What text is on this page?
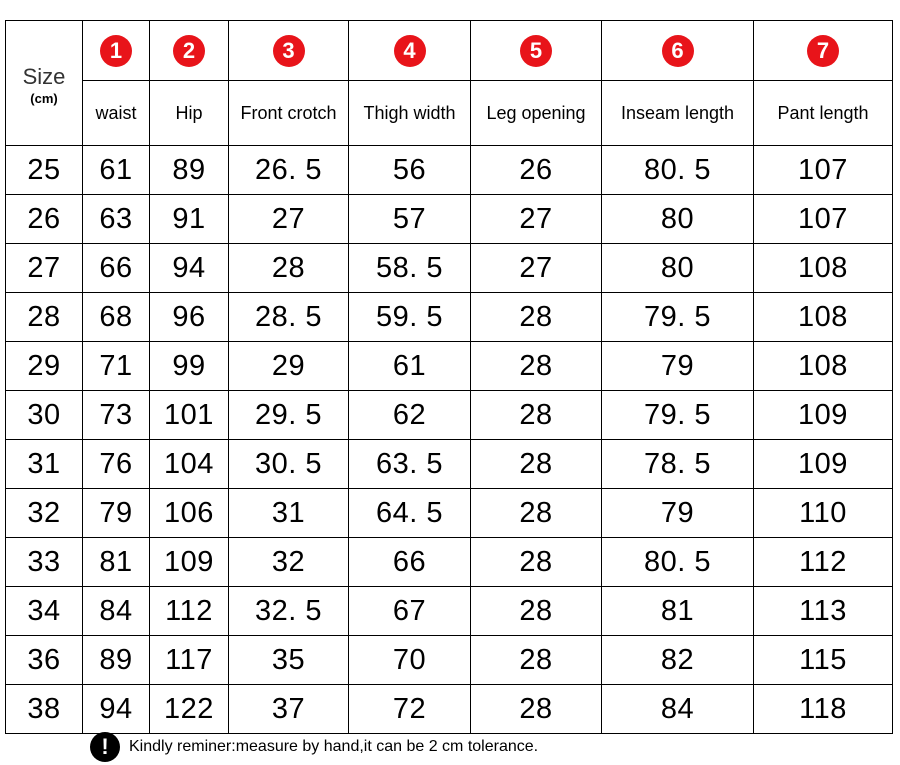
Size
(cm)	1	2	3	4	5	6	7
	waist	Hip	Front crotch	Thigh width	Leg opening	Inseam length	Pant length
25	61	89	26. 5	56	26	80. 5	107
26	63	91	27	57	27	80	107
27	66	94	28	58. 5	27	80	108
28	68	96	28. 5	59. 5	28	79. 5	108
29	71	99	29	61	28	79	108
30	73	101	29. 5	62	28	79. 5	109
31	76	104	30. 5	63. 5	28	78. 5	109
32	79	106	31	64. 5	28	79	110
33	81	109	32	66	28	80. 5	112
34	84	112	32. 5	67	28	81	113
36	89	117	35	70	28	82	115
38	94	122	37	72	28	84	118
!	Kindly reminer:measure by hand,it can be 2 cm tolerance.
